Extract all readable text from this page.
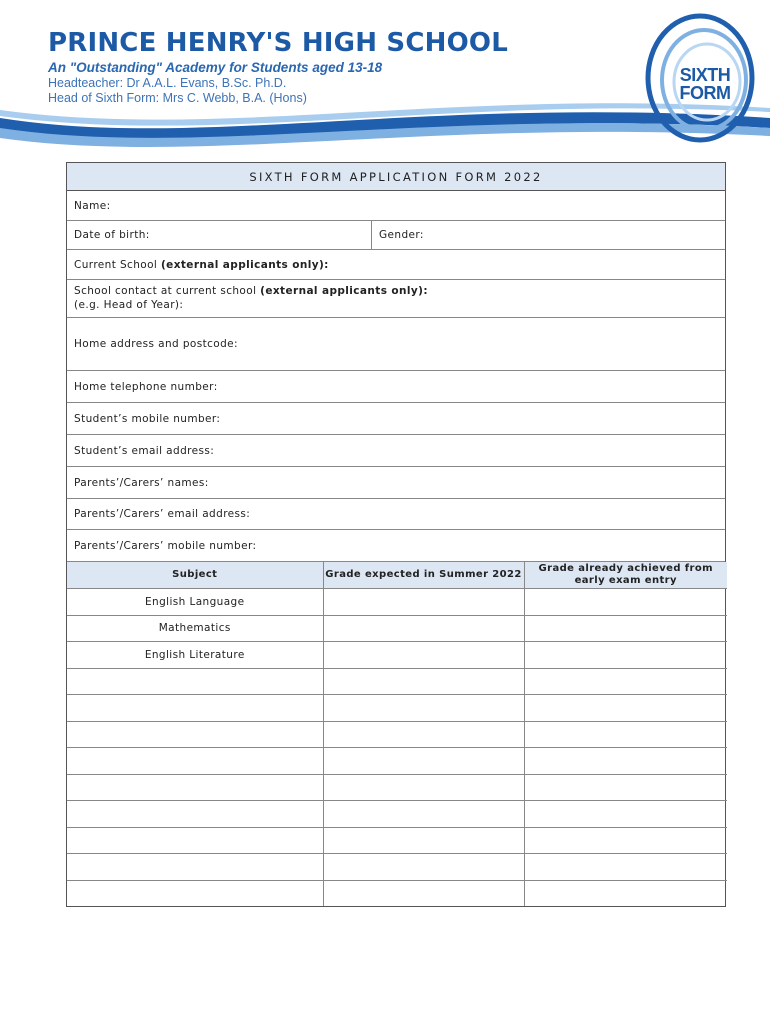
PRINCE HENRY'S HIGH SCHOOL
An "Outstanding" Academy for Students aged 13-18
Headteacher: Dr A.A.L. Evans, B.Sc. Ph.D.
Head of Sixth Form: Mrs C. Webb, B.A. (Hons)
SIXTH
FORM
SIXTH FORM APPLICATION FORM 2022
Name:
Date of birth:	Gender:
Current School
(external applicants only):
School contact at current school (external applicants only):
(e.g. Head of Year):
Home address and postcode:
Home telephone number:
Student’s mobile number:
Student’s email address:
Parents’/Carers’ names:
Parents’/Carers’ email address:
Parents’/Carers’ mobile number:
Subject	Grade expected in Summer 2022	Grade already achieved from early exam entry
English Language		
Mathematics		
English Literature		
